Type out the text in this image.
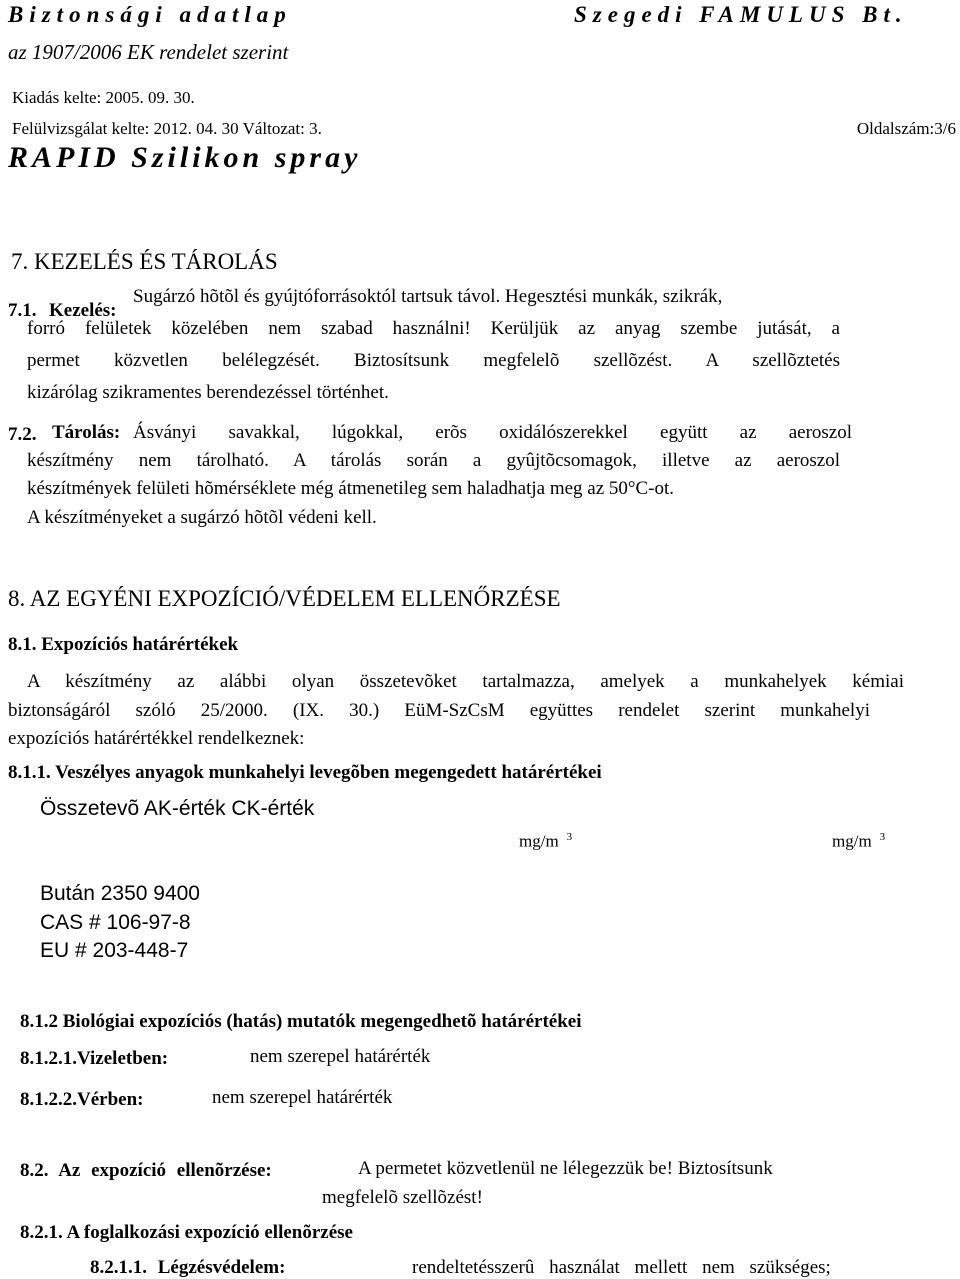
Biztonsági adatlap	Szegedi FAMULUS Bt.
az 1907/2006 EK rendelet szerint
Kiadás kelte: 2005. 09. 30.
Felülvizsgálat kelte: 2012. 04. 30 Változat: 3.	Oldalszám:3/6
RAPID Szilikon spray
7. KEZELÉS ÉS TÁROLÁS
7.1. Kezelés:
Sugárzó hõtõl és gyújtóforrásoktól tartsuk távol. Hegesztési munkák, szikrák,
forró felületek közelében nem szabad használni! Kerüljük az anyag szembe jutását, a
permet közvetlen belélegzését. Biztosítsunk megfelelõ szellõzést. A szellõztetés
kizárólag szikramentes berendezéssel történhet.
7.2. Tárolás: Ásványi savakkal, lúgokkal, erõs oxidálószerekkel együtt az aeroszol
készítmény nem tárolható. A tárolás során a gyûjtõcsomagok, illetve az aeroszol
készítmények felületi hõmérséklete még átmenetileg sem haladhatja meg az 50°C-ot.
A készítményeket a sugárzó hõtõl védeni kell.
8. AZ EGYÉNI EXPOZÍCIÓ/VÉDELEM ELLENŐRZÉSE
8.1. Expozíciós határértékek
A készítmény az alábbi olyan összetevõket tartalmazza, amelyek a munkahelyek kémiai
biztonságáról szóló 25/2000. (IX. 30.) EüM-SzCsM együttes rendelet szerint munkahelyi
expozíciós határértékkel rendelkeznek:
8.1.1. Veszélyes anyagok munkahelyi levegõben megengedett határértékei
Összetevõ AK-érték CK-érték
mg/m $^3$	mg/m $^3$
Bután 2350 9400
CAS # 106-97-8
EU # 203-448-7
8.1.2 Biológiai expozíciós (hatás) mutatók megengedhetõ határértékei
8.1.2.1.Vizeletben:	nem szerepel határérték
8.1.2.2.Vérben:	nem szerepel határérték
8.2. Az expozíció ellenõrzése:	A permetet közvetlenül ne lélegezzük be! Biztosítsunk
megfelelõ szellõzést!
8.2.1. A foglalkozási expozíció ellenõrzése
8.2.1.1. Légzésvédelem:	rendeltetésszerû használat mellett nem szükséges;
